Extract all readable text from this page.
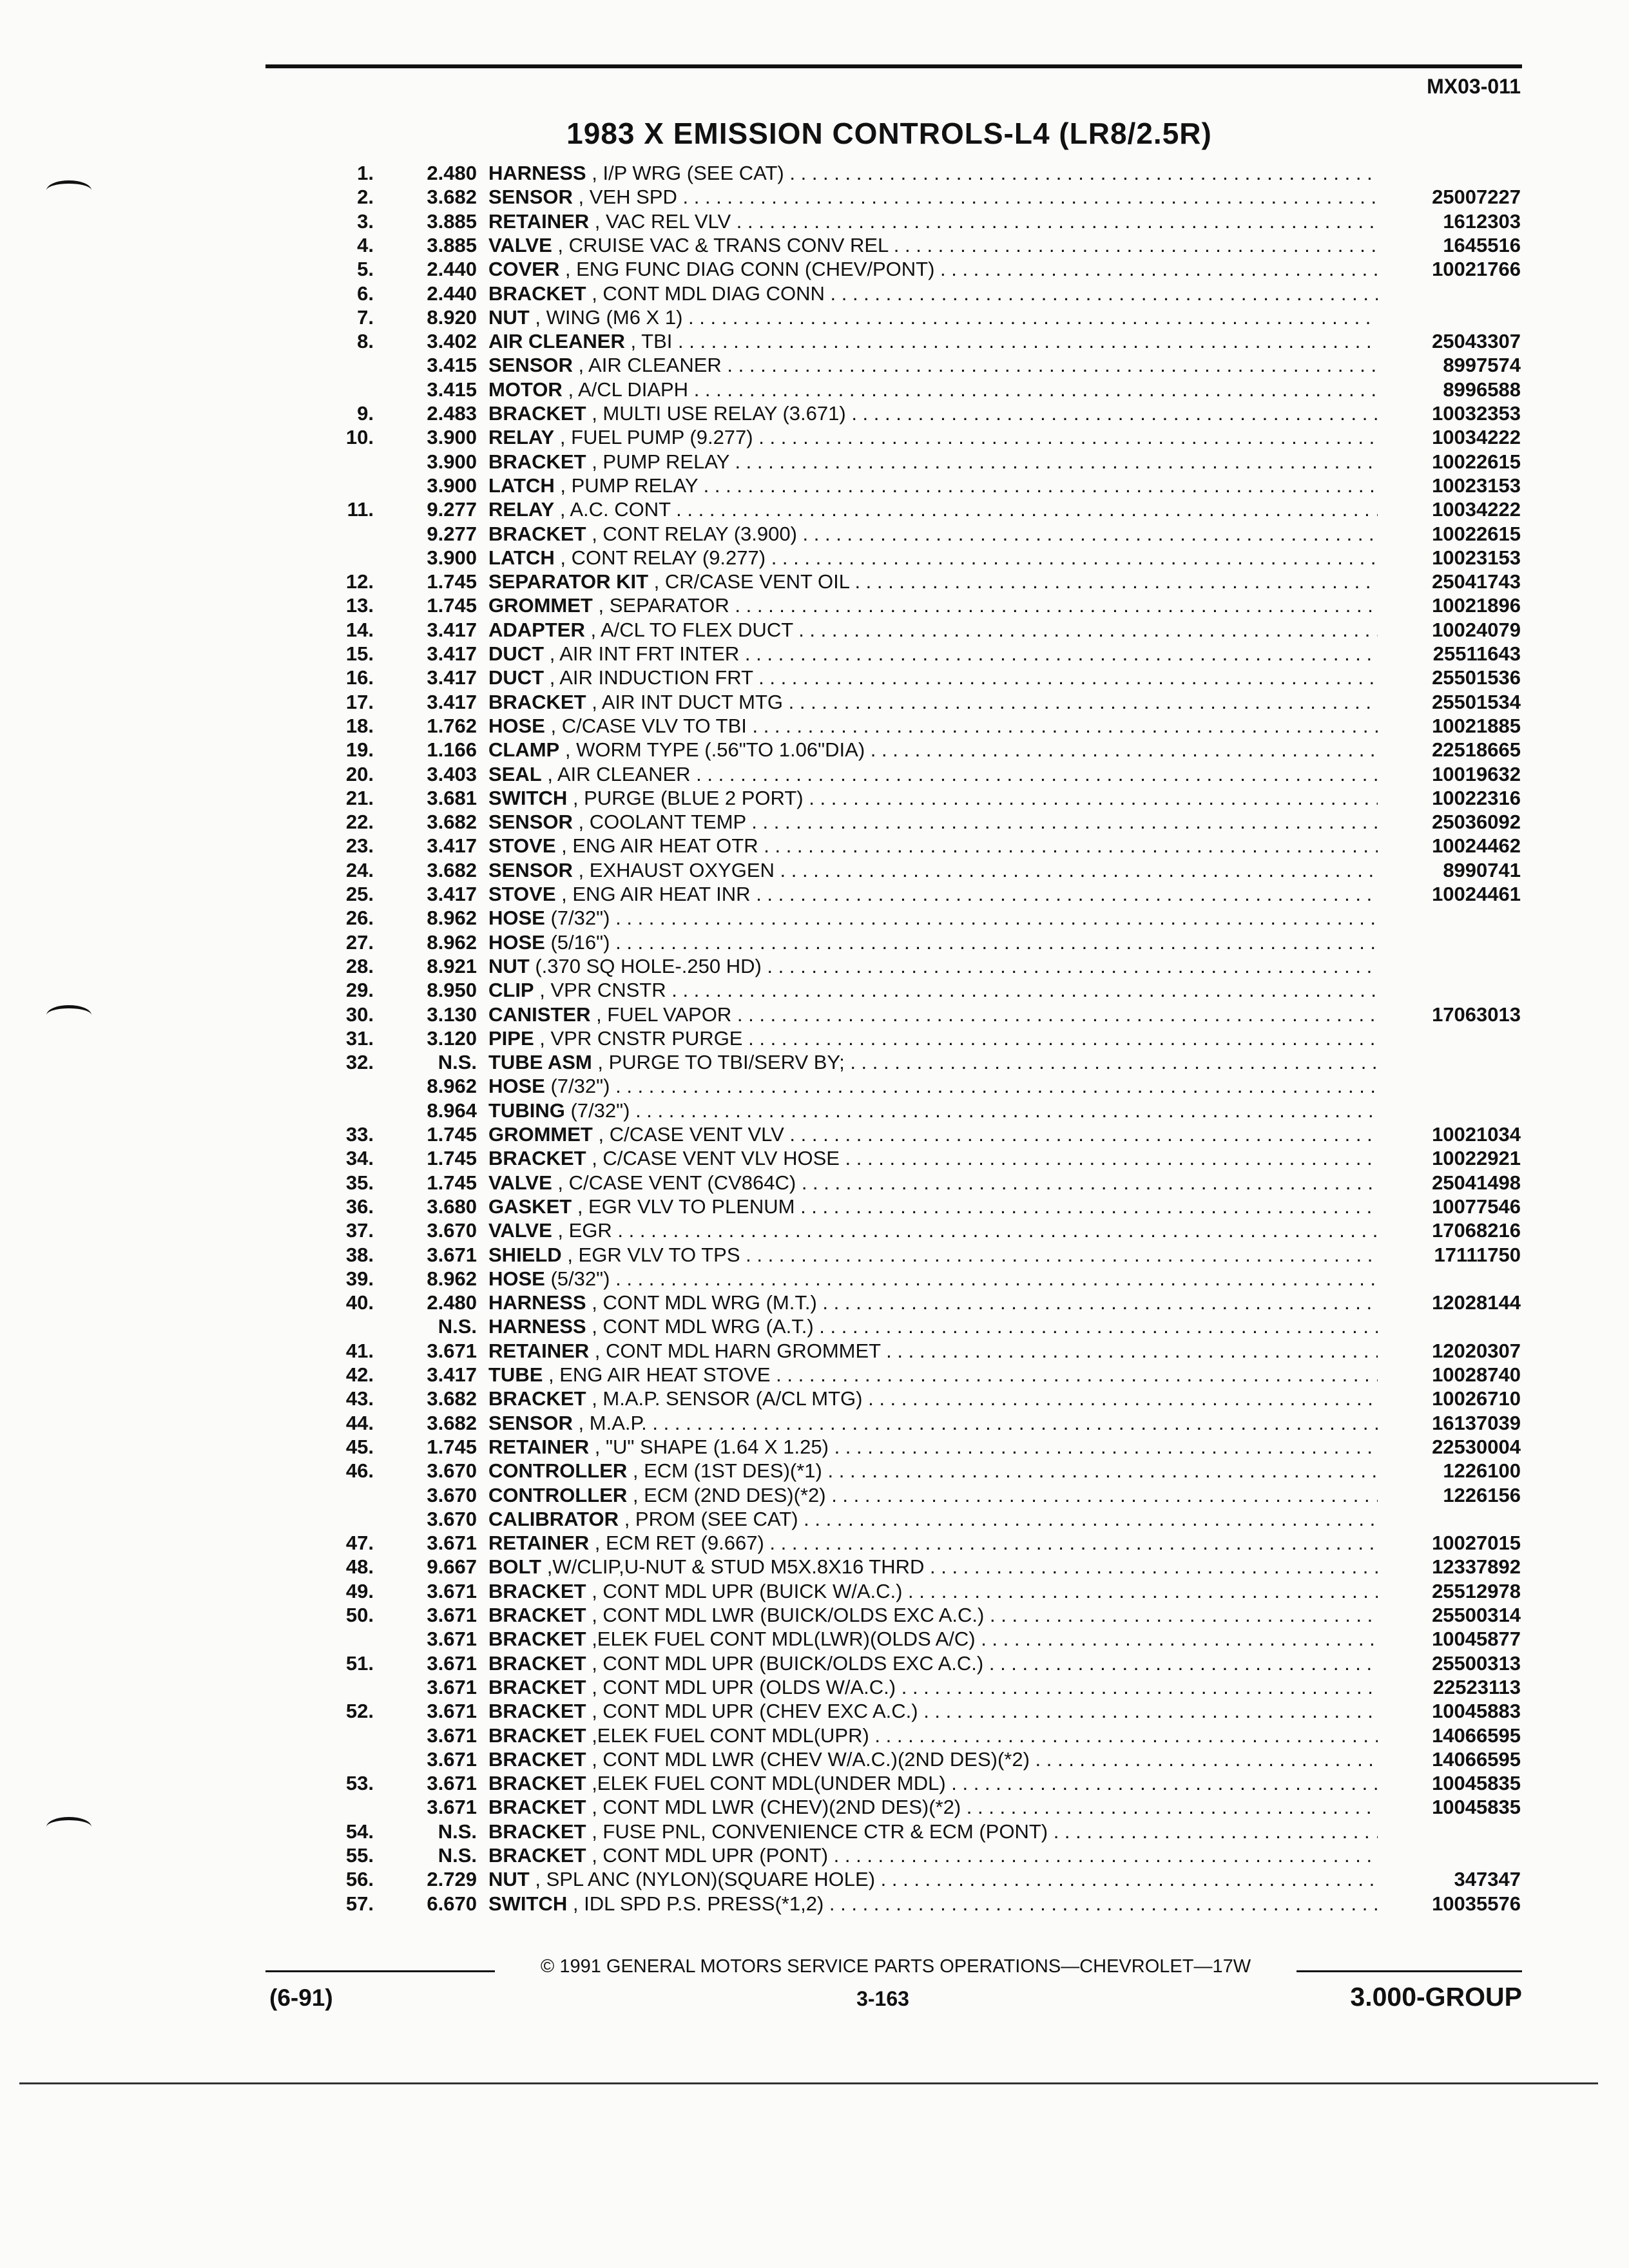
MX03-011
1983 X EMISSION CONTROLS-L4 (LR8/2.5R)
1.	2.480 HARNESS , I/P WRG (SEE CAT) . . .
2.	3.682 SENSOR , VEH SPD . . .	25007227
3.	3.885 RETAINER , VAC REL VLV . . .	1612303
4.	3.885 VALVE , CRUISE VAC & TRANS CONV REL . . .	1645516
5.	2.440 COVER , ENG FUNC DIAG CONN (CHEV/PONT) . . .	10021766
6.	2.440 BRACKET , CONT MDL DIAG CONN . . .
7.	8.920 NUT , WING (M6 X 1) . . .
8.	3.402 AIR CLEANER , TBI . . .	25043307
3.415 SENSOR , AIR CLEANER . . .	8997574
3.415 MOTOR , A/CL DIAPH . . .	8996588
9.	2.483 BRACKET , MULTI USE RELAY (3.671) . . .	10032353
10.	3.900 RELAY , FUEL PUMP (9.277) . . .	10034222
3.900 BRACKET , PUMP RELAY . . .	10022615
3.900 LATCH , PUMP RELAY . . .	10023153
11.	9.277 RELAY , A.C. CONT . . .	10034222
9.277 BRACKET , CONT RELAY (3.900) . . .	10022615
3.900 LATCH , CONT RELAY (9.277) . . .	10023153
12.	1.745 SEPARATOR KIT , CR/CASE VENT OIL . . .	25041743
13.	1.745 GROMMET , SEPARATOR . . .	10021896
14.	3.417 ADAPTER , A/CL TO FLEX DUCT . . .	10024079
15.	3.417 DUCT , AIR INT FRT INTER . . .	25511643
16.	3.417 DUCT , AIR INDUCTION FRT . . .	25501536
17.	3.417 BRACKET , AIR INT DUCT MTG . . .	25501534
18.	1.762 HOSE , C/CASE VLV TO TBI . . .	10021885
19.	1.166 CLAMP , WORM TYPE (.56"TO 1.06"DIA) . . .	22518665
20.	3.403 SEAL , AIR CLEANER . . .	10019632
21.	3.681 SWITCH , PURGE (BLUE 2 PORT) . . .	10022316
22.	3.682 SENSOR , COOLANT TEMP . . .	25036092
23.	3.417 STOVE , ENG AIR HEAT OTR . . .	10024462
24.	3.682 SENSOR , EXHAUST OXYGEN . . .	8990741
25.	3.417 STOVE , ENG AIR HEAT INR . . .	10024461
26.	8.962 HOSE (7/32") . . .
27.	8.962 HOSE (5/16") . . .
28.	8.921 NUT (.370 SQ HOLE-.250 HD) . . .
29.	8.950 CLIP , VPR CNSTR . . .
30.	3.130 CANISTER , FUEL VAPOR . . .	17063013
31.	3.120 PIPE , VPR CNSTR PURGE . . .
32.	N.S. TUBE ASM , PURGE TO TBI/SERV BY; . . .
8.962 HOSE (7/32") . . .
8.964 TUBING (7/32") . . .
33.	1.745 GROMMET , C/CASE VENT VLV . . .	10021034
34.	1.745 BRACKET , C/CASE VENT VLV HOSE . . .	10022921
35.	1.745 VALVE , C/CASE VENT (CV864C) . . .	25041498
36.	3.680 GASKET , EGR VLV TO PLENUM . . .	10077546
37.	3.670 VALVE , EGR . . .	17068216
38.	3.671 SHIELD , EGR VLV TO TPS . . .	17111750
39.	8.962 HOSE (5/32") . . .
40.	2.480 HARNESS , CONT MDL WRG (M.T.) . . .	12028144
N.S. HARNESS , CONT MDL WRG (A.T.) . . .
41.	3.671 RETAINER , CONT MDL HARN GROMMET . . .	12020307
42.	3.417 TUBE , ENG AIR HEAT STOVE . . .	10028740
43.	3.682 BRACKET , M.A.P. SENSOR (A/CL MTG) . . .	10026710
44.	3.682 SENSOR , M.A.P. . . .	16137039
45.	1.745 RETAINER , "U" SHAPE (1.64 X 1.25) . . .	22530004
46.	3.670 CONTROLLER , ECM (1ST DES)(*1) . . .	1226100
3.670 CONTROLLER , ECM (2ND DES)(*2) . . .	1226156
3.670 CALIBRATOR , PROM (SEE CAT) . . .
47.	3.671 RETAINER , ECM RET (9.667) . . .	10027015
48.	9.667 BOLT ,W/CLIP,U-NUT & STUD M5X.8X16 THRD . . .	12337892
49.	3.671 BRACKET , CONT MDL UPR (BUICK W/A.C.) . . .	25512978
50.	3.671 BRACKET , CONT MDL LWR (BUICK/OLDS EXC A.C.) . . .	25500314
3.671 BRACKET ,ELEK FUEL CONT MDL(LWR)(OLDS A/C) . . .	10045877
51.	3.671 BRACKET , CONT MDL UPR (BUICK/OLDS EXC A.C.) . . .	25500313
3.671 BRACKET , CONT MDL UPR (OLDS W/A.C.) . . .	22523113
52.	3.671 BRACKET , CONT MDL UPR (CHEV EXC A.C.) . . .	10045883
3.671 BRACKET ,ELEK FUEL CONT MDL(UPR) . . .	14066595
3.671 BRACKET , CONT MDL LWR (CHEV W/A.C.)(2ND DES)(*2) . . .	14066595
53.	3.671 BRACKET ,ELEK FUEL CONT MDL(UNDER MDL) . . .	10045835
3.671 BRACKET , CONT MDL LWR (CHEV)(2ND DES)(*2) . . .	10045835
54.	N.S. BRACKET , FUSE PNL, CONVENIENCE CTR & ECM (PONT) . . .
55.	N.S. BRACKET , CONT MDL UPR (PONT) . . .
56.	2.729 NUT , SPL ANC (NYLON)(SQUARE HOLE) . . .	347347
57.	6.670 SWITCH , IDL SPD P.S. PRESS(*1,2) . . .	10035576
© 1991 GENERAL MOTORS SERVICE PARTS OPERATIONS—CHEVROLET—17W
(6-91)	3-163	3.000-GROUP
